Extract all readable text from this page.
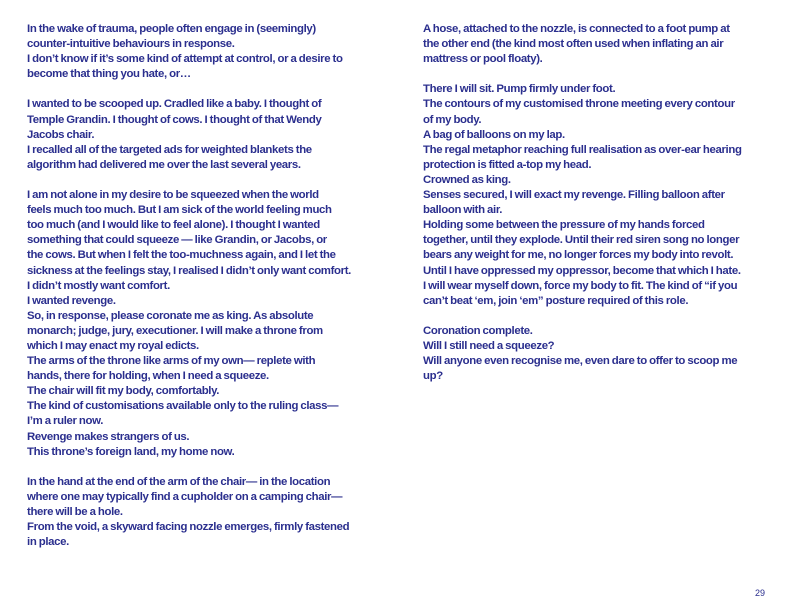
In the wake of trauma, people often engage in (seemingly)
counter-intuitive behaviours in response.
I don’t know if it’s some kind of attempt at control, or a desire to
become that thing you hate, or…
I wanted to be scooped up. Cradled like a baby. I thought of
Temple Grandin. I thought of cows. I thought of that Wendy
Jacobs chair.
I recalled all of the targeted ads for weighted blankets the
algorithm had delivered me over the last several years.
I am not alone in my desire to be squeezed when the world
feels much too much. But I am sick of the world feeling much
too much (and I would like to feel alone). I thought I wanted
something that could squeeze — like Grandin, or Jacobs, or
the cows. But when I felt the too-muchness again, and I let the
sickness at the feelings stay, I realised I didn’t only want comfort.
I didn’t mostly want comfort.
I wanted revenge.
So, in response, please coronate me as king. As absolute
monarch; judge, jury, executioner. I will make a throne from
which I may enact my royal edicts.
The arms of the throne like arms of my own— replete with
hands, there for holding, when I need a squeeze.
The chair will fit my body, comfortably.
The kind of customisations available only to the ruling class—
I’m a ruler now.
Revenge makes strangers of us.
This throne’s foreign land, my home now.
In the hand at the end of the arm of the chair— in the location
where one may typically find a cupholder on a camping chair—
there will be a hole.
From the void, a skyward facing nozzle emerges, firmly fastened
in place.
A hose, attached to the nozzle, is connected to a foot pump at
the other end (the kind most often used when inflating an air
mattress or pool floaty).
There I will sit. Pump firmly under foot.
The contours of my customised throne meeting every contour
of my body.
A bag of balloons on my lap.
The regal metaphor reaching full realisation as over-ear hearing
protection is fitted a-top my head.
Crowned as king.
Senses secured, I will exact my revenge. Filling balloon after
balloon with air.
Holding some between the pressure of my hands forced
together, until they explode. Until their red siren song no longer
bears any weight for me, no longer forces my body into revolt.
Until I have oppressed my oppressor, become that which I hate.
I will wear myself down, force my body to fit. The kind of “if you
can’t beat ‘em, join ‘em” posture required of this role.
Coronation complete.
Will I still need a squeeze?
Will anyone even recognise me, even dare to offer to scoop me
up?
29
